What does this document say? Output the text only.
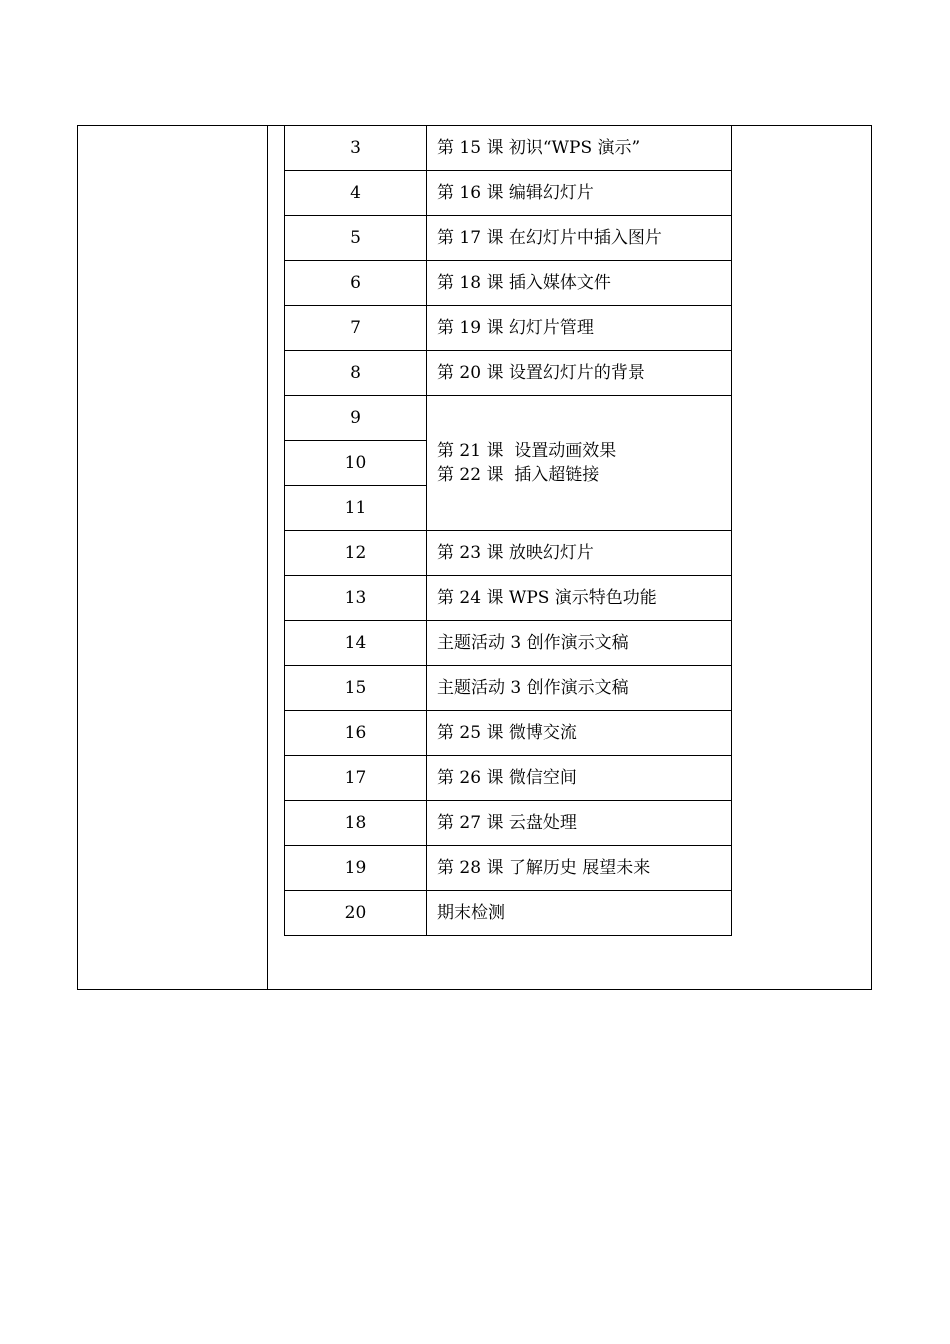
3	第 15 课 初识“WPS 演示”
4	第 16 课 编辑幻灯片
5	第 17 课 在幻灯片中插入图片
6	第 18 课 插入媒体文件
7	第 19 课 幻灯片管理
8	第 20 课 设置幻灯片的背景
9	第 21 课  设置动画效果
第 22 课  插入超链接

10	
11	
12	第 23 课 放映幻灯片
13	第 24 课 WPS 演示特色功能
14	主题活动 3 创作演示文稿
15	主题活动 3 创作演示文稿
16	第 25 课 微博交流
17	第 26 课 微信空间
18	第 27 课 云盘处理
19	第 28 课 了解历史 展望未来
20	期末检测
